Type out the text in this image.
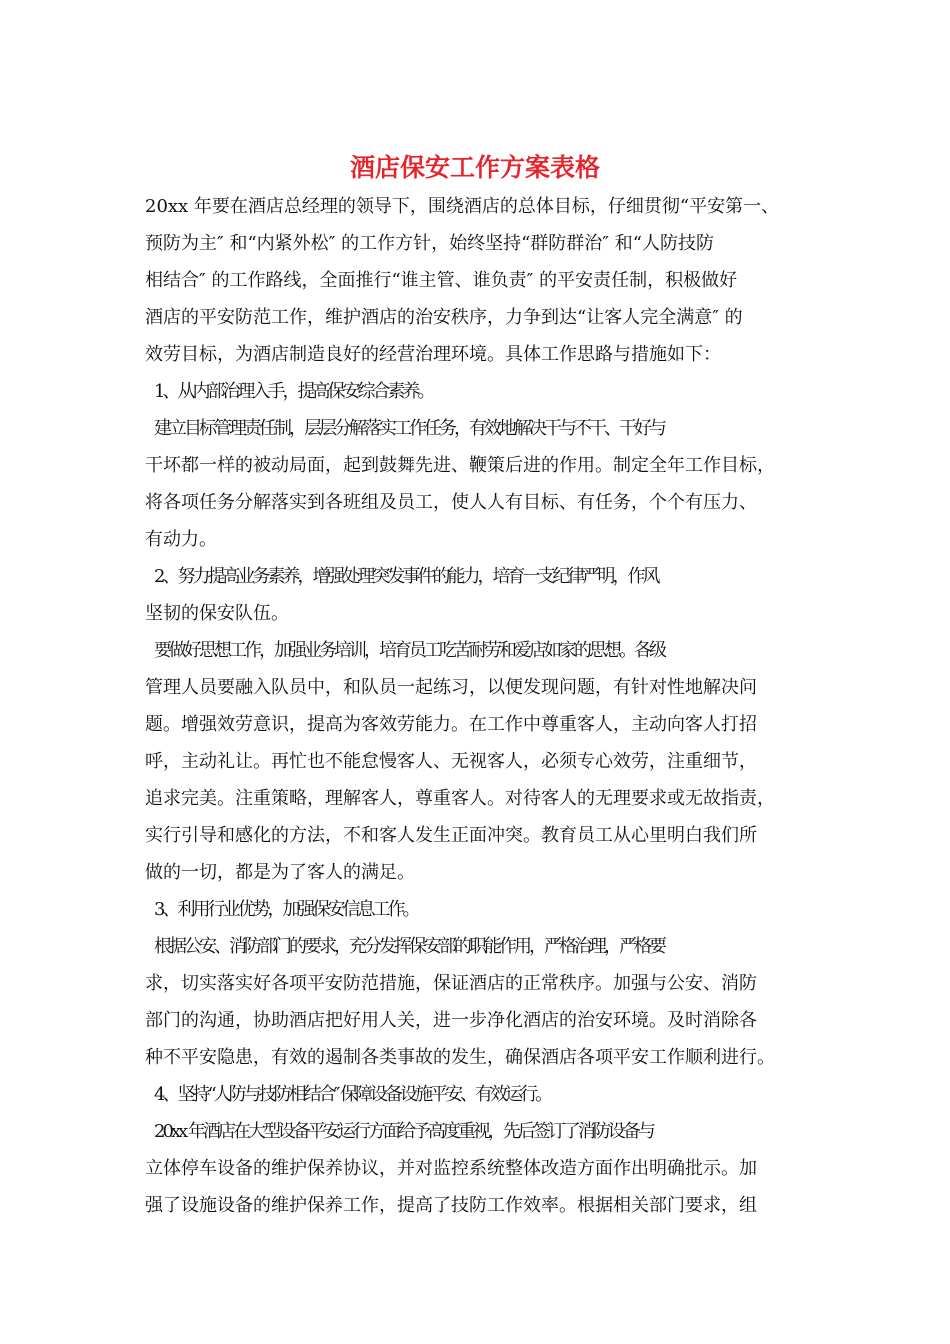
酒店保安工作方案表格

20xx 年要在酒店总经理的领导下，围绕酒店的总体目标，仔细贯彻“平安第一、

预防为主″ 和“内紧外松″ 的工作方针，始终坚持“群防群治″ 和“人防技防

相结合″ 的工作路线，全面推行“谁主管、谁负责″ 的平安责任制，积极做好

酒店的平安防范工作，维护酒店的治安秩序，力争到达“让客人完全满意″ 的

效劳目标，为酒店制造良好的经营治理环境。具体工作思路与措施如下：

1、从内部治理入手，提高保安综合素养。

建立目标管理责任制，层层分解落实工作任务，有效地解决干与不干、干好与

干坏都一样的被动局面，起到鼓舞先进、鞭策后进的作用。制定全年工作目标，

将各项任务分解落实到各班组及员工，使人人有目标、有任务，个个有压力、

有动力。

2、努力提高业务素养，增强处理突发事件的能力，培育一支纪律严明，作风

坚韧的保安队伍。

要做好思想工作，加强业务培训，培育员工吃苦耐劳和爱店如家的思想。各级

管理人员要融入队员中，和队员一起练习，以便发现问题，有针对性地解决问

题。增强效劳意识，提高为客效劳能力。在工作中尊重客人，主动向客人打招

呼，主动礼让。再忙也不能怠慢客人、无视客人，必须专心效劳，注重细节，

追求完美。注重策略，理解客人，尊重客人。对待客人的无理要求或无故指责，

实行引导和感化的方法，不和客人发生正面冲突。教育员工从心里明白我们所

做的一切，都是为了客人的满足。

3、利用行业优势，加强保安信息工作。

根据公安、消防部门的要求，充分发挥保安部的职能作用，严格治理，严格要

求，切实落实好各项平安防范措施，保证酒店的正常秩序。加强与公安、消防

部门的沟通，协助酒店把好用人关，进一步净化酒店的治安环境。及时消除各

种不平安隐患，有效的遏制各类事故的发生，确保酒店各项平安工作顺利进行。

4、坚持“人防与技防相结合″ 保障设备设施平安、有效运行。

20xx 年酒店在大型设备平安运行方面给予高度重视，先后签订了消防设备与

立体停车设备的维护保养协议，并对监控系统整体改造方面作出明确批示。加

强了设施设备的维护保养工作，提高了技防工作效率。根据相关部门要求，组
